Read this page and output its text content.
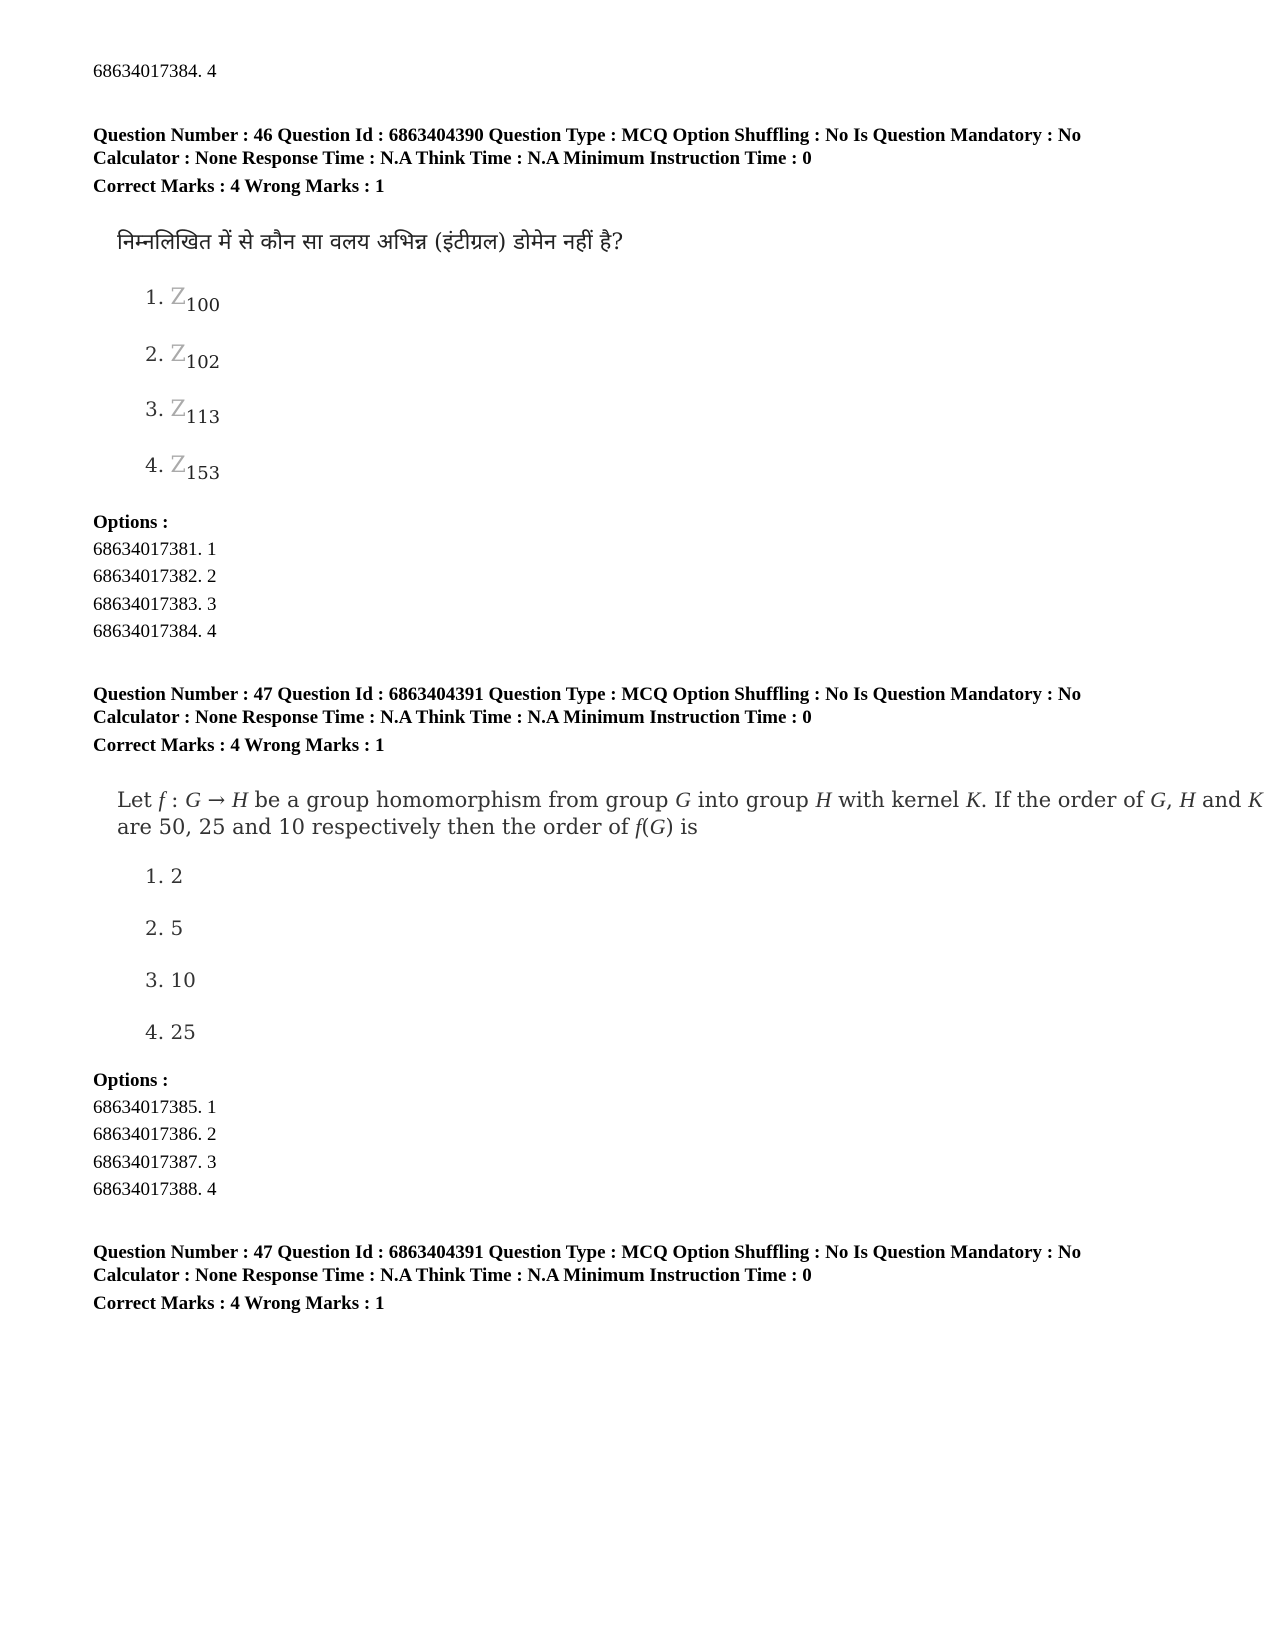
68634017384. 4
Question Number : 46 Question Id : 6863404390 Question Type : MCQ Option Shuffling : No Is Question Mandatory : No
Calculator : None Response Time : N.A Think Time : N.A Minimum Instruction Time : 0
Correct Marks : 4 Wrong Marks : 1
निम्नलिखित में से कौन सा वलय अभिन्न (इंटीग्रल) डोमेन नहीं है?
1. Z100
2. Z102
3. Z113
4. Z153
Options :
68634017381. 1
68634017382. 2
68634017383. 3
68634017384. 4
Question Number : 47 Question Id : 6863404391 Question Type : MCQ Option Shuffling : No Is Question Mandatory : No
Calculator : None Response Time : N.A Think Time : N.A Minimum Instruction Time : 0
Correct Marks : 4 Wrong Marks : 1
Let f : G → H be a group homomorphism from group G into group H with kernel K. If the order of G, H and K
are 50, 25 and 10 respectively then the order of f(G) is
1. 2
2. 5
3. 10
4. 25
Options :
68634017385. 1
68634017386. 2
68634017387. 3
68634017388. 4
Question Number : 47 Question Id : 6863404391 Question Type : MCQ Option Shuffling : No Is Question Mandatory : No
Calculator : None Response Time : N.A Think Time : N.A Minimum Instruction Time : 0
Correct Marks : 4 Wrong Marks : 1
